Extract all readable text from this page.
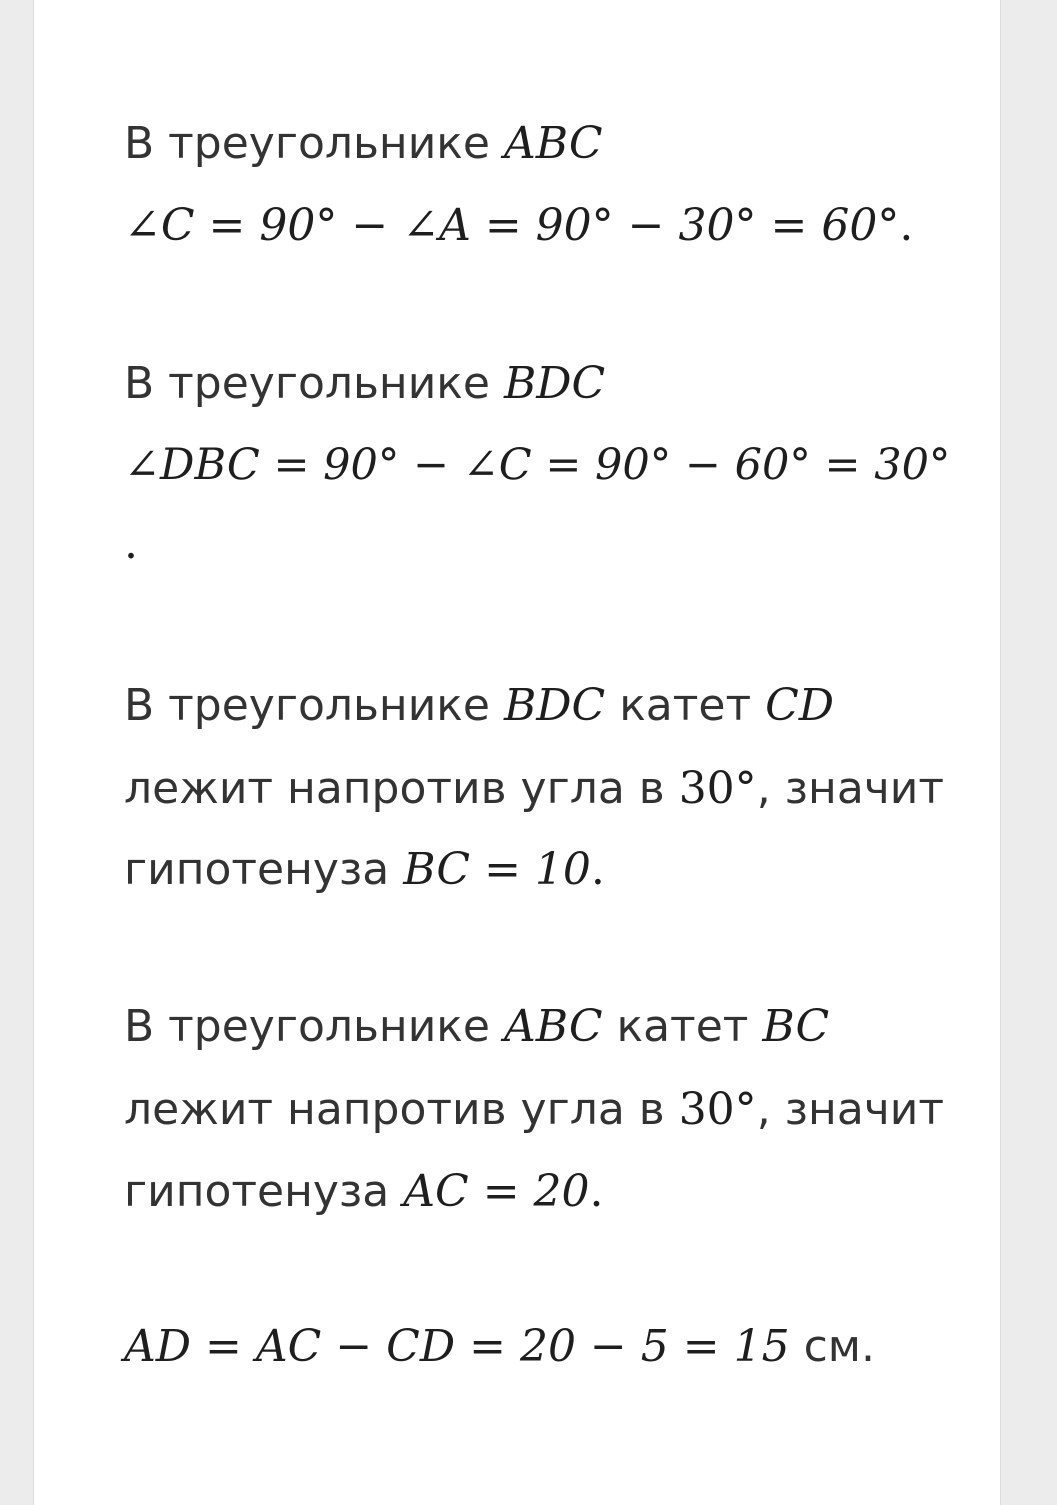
В треугольнике ABC
∠C = 90° − ∠A = 90° − 30° = 60°.
В треугольнике BDC
∠DBC = 90° − ∠C = 90° − 60° = 30°
.
В треугольнике BDC катет CD
лежит напротив угла в 30°, значит
гипотенуза BC = 10.
В треугольнике ABC катет BC
лежит напротив угла в 30°, значит
гипотенуза AC = 20.
AD = AC − CD = 20 − 5 = 15 см.
